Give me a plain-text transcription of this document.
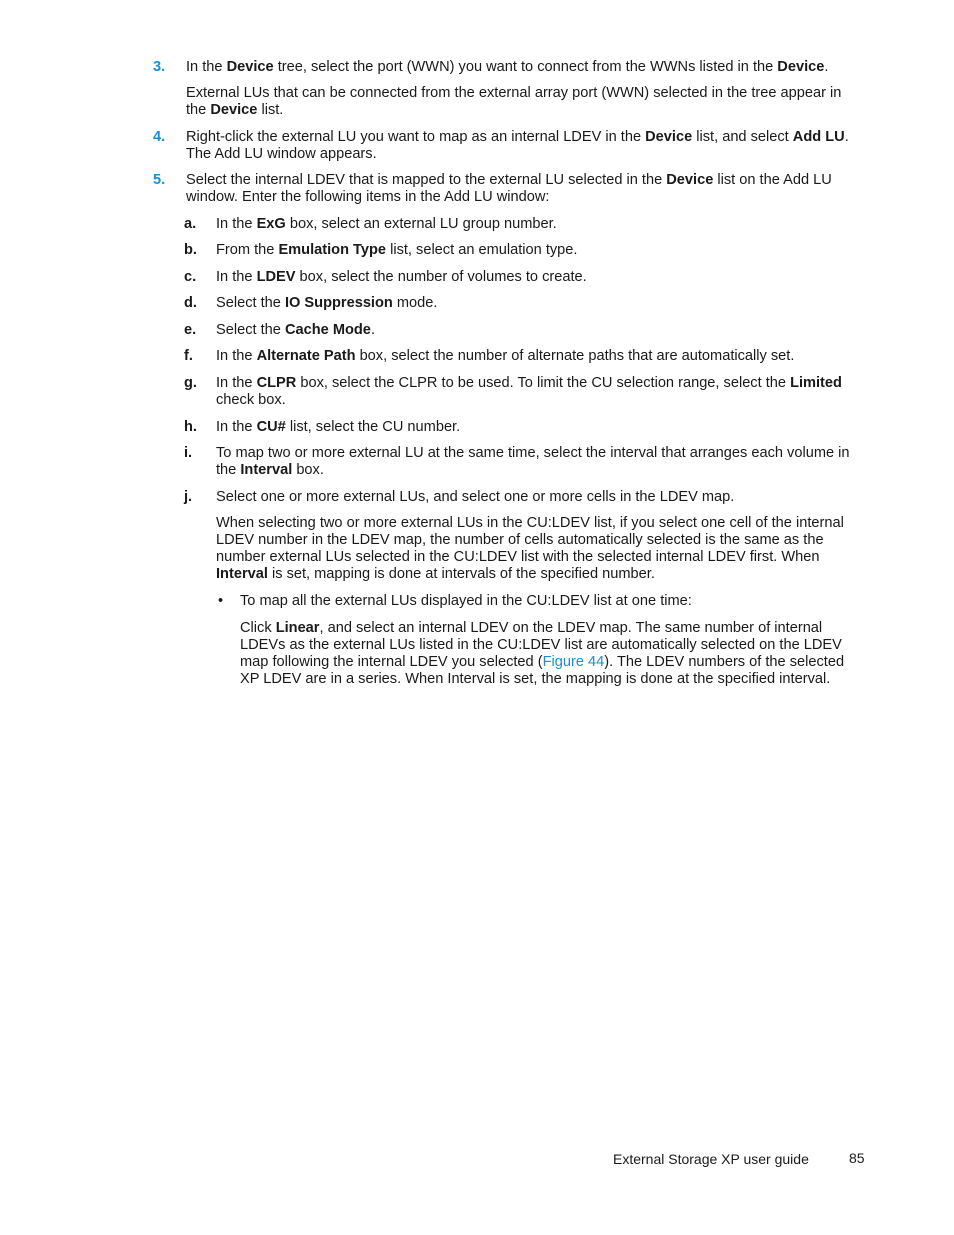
3. In the Device tree, select the port (WWN) you want to connect from the WWNs listed in the Device.
External LUs that can be connected from the external array port (WWN) selected in the tree appear in the Device list.
4. Right-click the external LU you want to map as an internal LDEV in the Device list, and select Add LU. The Add LU window appears.
5. Select the internal LDEV that is mapped to the external LU selected in the Device list on the Add LU window. Enter the following items in the Add LU window:
a. In the ExG box, select an external LU group number.
b. From the Emulation Type list, select an emulation type.
c. In the LDEV box, select the number of volumes to create.
d. Select the IO Suppression mode.
e. Select the Cache Mode.
f. In the Alternate Path box, select the number of alternate paths that are automatically set.
g. In the CLPR box, select the CLPR to be used. To limit the CU selection range, select the Limited check box.
h. In the CU# list, select the CU number.
i. To map two or more external LU at the same time, select the interval that arranges each volume in the Interval box.
j. Select one or more external LUs, and select one or more cells in the LDEV map.
When selecting two or more external LUs in the CU:LDEV list, if you select one cell of the internal LDEV number in the LDEV map, the number of cells automatically selected is the same as the number external LUs selected in the CU:LDEV list with the selected internal LDEV first. When Interval is set, mapping is done at intervals of the specified number.
• To map all the external LUs displayed in the CU:LDEV list at one time:
Click Linear, and select an internal LDEV on the LDEV map. The same number of internal LDEVs as the external LUs listed in the CU:LDEV list are automatically selected on the LDEV map following the internal LDEV you selected (Figure 44). The LDEV numbers of the selected XP LDEV are in a series. When Interval is set, the mapping is done at the specified interval.
External Storage XP user guide	85
